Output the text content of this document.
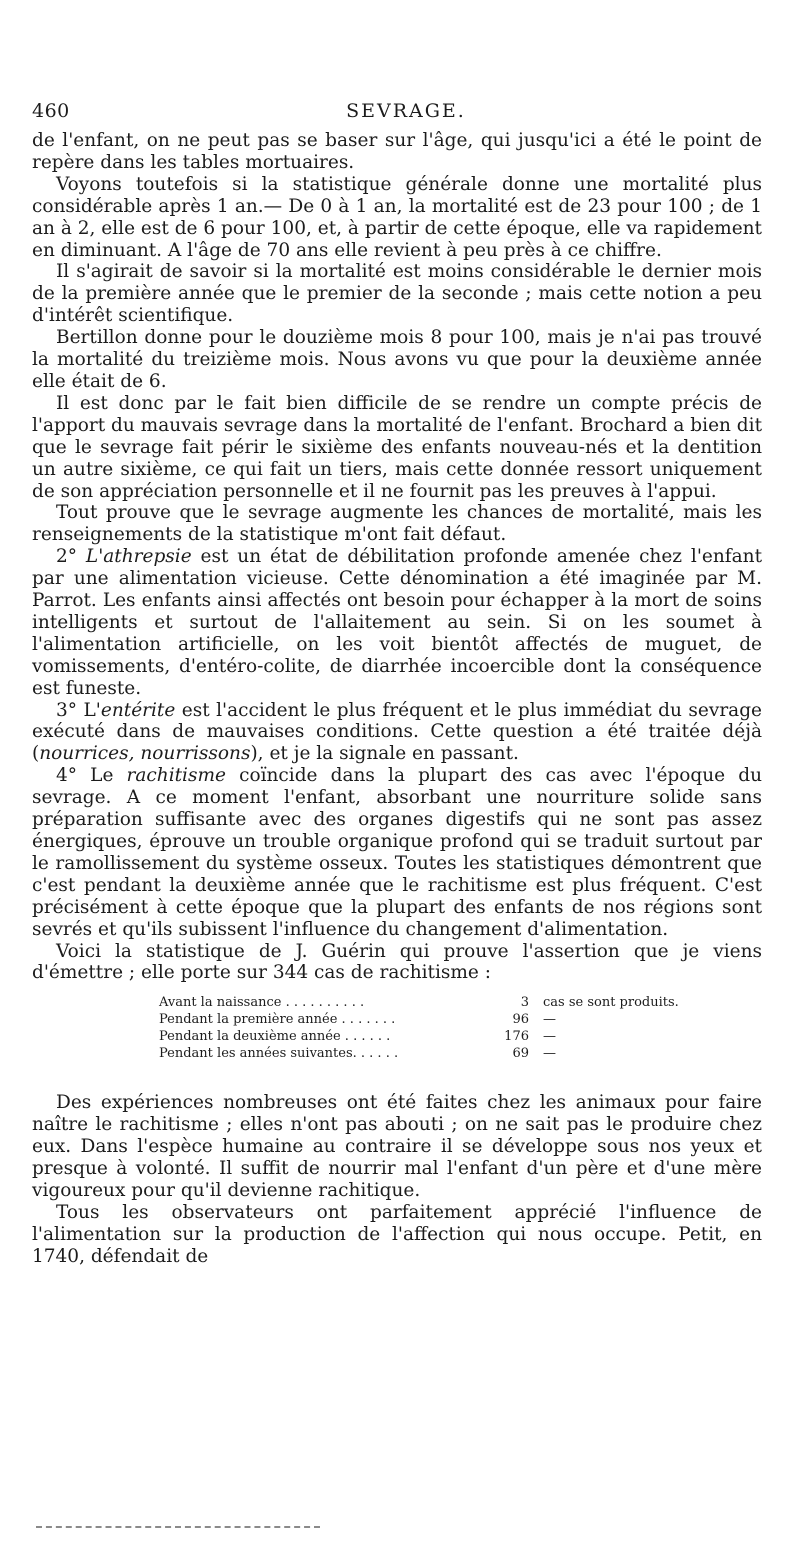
460	SEVRAGE.

de l'enfant, on ne peut pas se baser sur l'âge, qui jusqu'ici a été le point de repère dans les tables mortuaires.

Voyons toutefois si la statistique générale donne une mortalité plus considérable après 1 an.— De 0 à 1 an, la mortalité est de 23 pour 100 ; de 1 an à 2, elle est de 6 pour 100, et, à partir de cette époque, elle va rapidement en diminuant. A l'âge de 70 ans elle revient à peu près à ce chiffre.

Il s'agirait de savoir si la mortalité est moins considérable le dernier mois de la première année que le premier de la seconde ; mais cette notion a peu d'intérêt scientifique.

Bertillon donne pour le douzième mois 8 pour 100, mais je n'ai pas trouvé la mortalité du treizième mois. Nous avons vu que pour la deuxième année elle était de 6.

Il est donc par le fait bien difficile de se rendre un compte précis de l'apport du mauvais sevrage dans la mortalité de l'enfant. Brochard a bien dit que le sevrage fait périr le sixième des enfants nouveau-nés et la dentition un autre sixième, ce qui fait un tiers, mais cette donnée ressort uniquement de son appréciation personnelle et il ne fournit pas les preuves à l'appui.

Tout prouve que le sevrage augmente les chances de mortalité, mais les renseignements de la statistique m'ont fait défaut.

2° L'athrepsie est un état de débilitation profonde amenée chez l'enfant par une alimentation vicieuse. Cette dénomination a été imaginée par M. Parrot. Les enfants ainsi affectés ont besoin pour échapper à la mort de soins intelligents et surtout de l'allaitement au sein. Si on les soumet à l'alimentation artificielle, on les voit bientôt affectés de muguet, de vomissements, d'entéro-colite, de diarrhée incoercible dont la conséquence est funeste.

3° L'entérite est l'accident le plus fréquent et le plus immédiat du sevrage exécuté dans de mauvaises conditions. Cette question a été traitée déjà (nourrices, nourrissons), et je la signale en passant.

4° Le rachitisme coïncide dans la plupart des cas avec l'époque du sevrage. A ce moment l'enfant, absorbant une nourriture solide sans préparation suffisante avec des organes digestifs qui ne sont pas assez énergiques, éprouve un trouble organique profond qui se traduit surtout par le ramollissement du système osseux. Toutes les statistiques démontrent que c'est pendant la deuxième année que le rachitisme est plus fréquent. C'est précisément à cette époque que la plupart des enfants de nos régions sont sevrés et qu'ils subissent l'influence du changement d'alimentation.

Voici la statistique de J. Guérin qui prouve l'assertion que je viens d'émettre ; elle porte sur 344 cas de rachitisme :

Avant la naissance . . . . . . . . . .	3	cas se sont produits.
Pendant la première année . . . . . . .	96	—
Pendant la deuxième année . . . . . .	176	—
Pendant les années suivantes. . . . . .	69	—

Des expériences nombreuses ont été faites chez les animaux pour faire naître le rachitisme ; elles n'ont pas abouti ; on ne sait pas le produire chez eux. Dans l'espèce humaine au contraire il se développe sous nos yeux et presque à volonté. Il suffit de nourrir mal l'enfant d'un père et d'une mère vigoureux pour qu'il devienne rachitique.

Tous les observateurs ont parfaitement apprécié l'influence de l'alimentation sur la production de l'affection qui nous occupe. Petit, en 1740, défendait de
